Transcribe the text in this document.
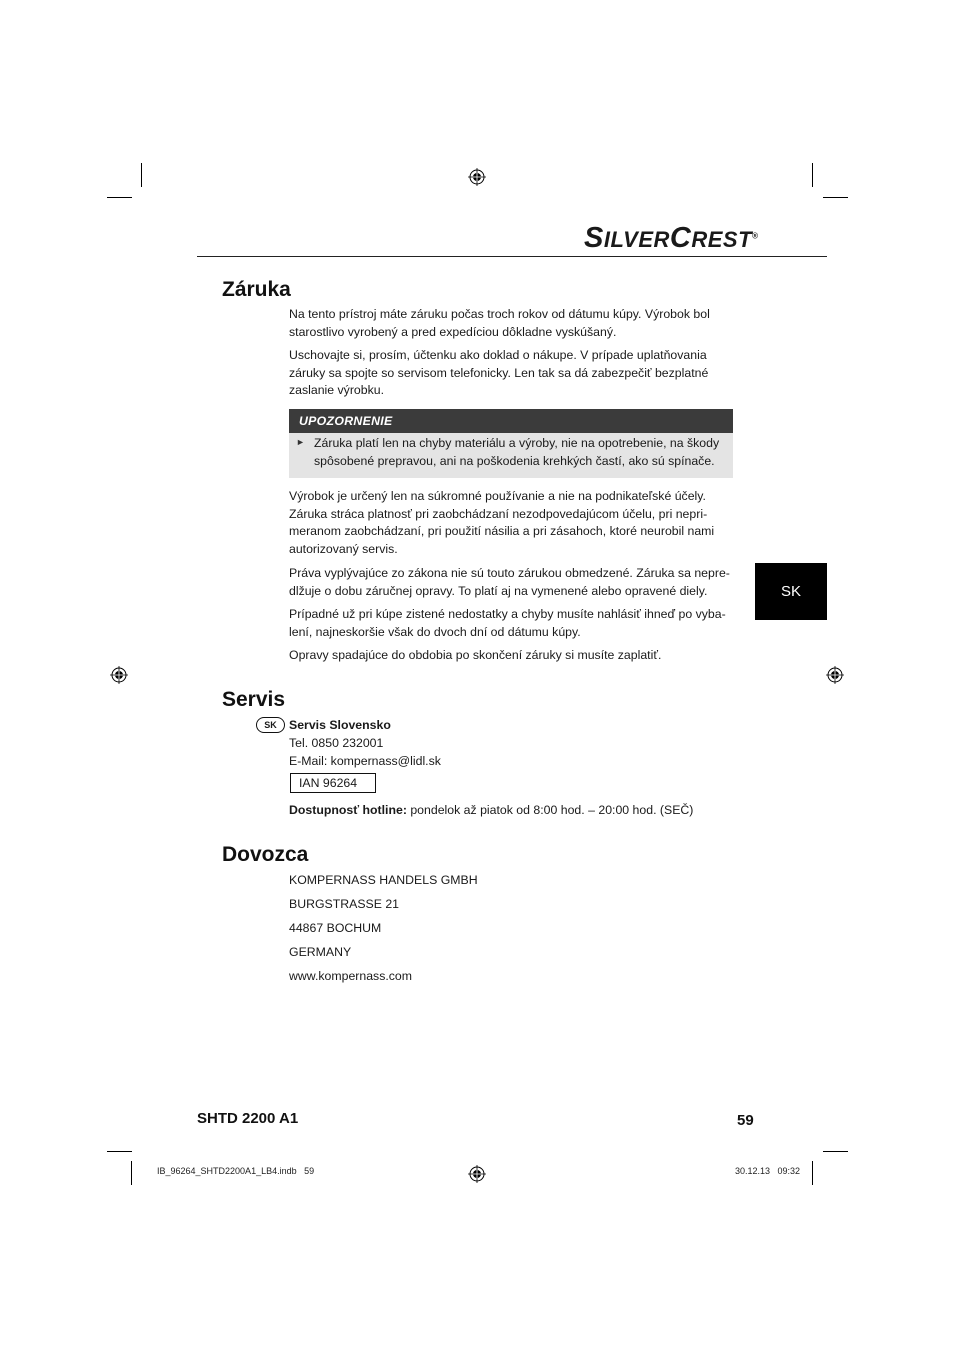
SILVERCREST®
Záruka

Na tento prístroj máte záruku počas troch rokov od dátumu kúpy. Výrobok bol starostlivo vyrobený a pred expedíciou dôkladne vyskúšaný.

Uschovajte si, prosím, účtenku ako doklad o nákupe. V prípade uplatňovania záruky sa spojte so servisom telefonicky. Len tak sa dá zabezpečiť bezplatné zaslanie výrobku.

UPOZORNENIE
► Záruka platí len na chyby materiálu a výroby, nie na opotrebenie, na škody spôsobené prepravou, ani na poškodenia krehkých častí, ako sú spínače.

Výrobok je určený len na súkromné používanie a nie na podnikateľské účely. Záruka stráca platnosť pri zaobchádzaní nezodpovedajúcom účelu, pri neprimeranom zaobchádzaní, pri použití násilia a pri zásahoch, ktoré neurobil nami autorizovaný servis.

Práva vyplývajúce zo zákona nie sú touto zárukou obmedzené. Záruka sa nepredlžuje o dobu záručnej opravy. To platí aj na vymenené alebo opravené diely.

Prípadné už pri kúpe zistené nedostatky a chyby musíte nahlásiť ihneď po vybalení, najneskoršie však do dvoch dní od dátumu kúpy.

Opravy spadajúce do obdobia po skončení záruky si musíte zaplatiť.

SK
Servis
SK Servis Slovensko

Tel. 0850 232001

E-Mail: kompernass@lidl.sk

IAN 96264

Dostupnosť hotline: pondelok až piatok od 8:00 hod. – 20:00 hod. (SEČ)

Dovozca

KOMPERNASS HANDELS GMBH

BURGSTRASSE 21

44867 BOCHUM

GERMANY

www.kompernass.com

SHTD 2200 A1	59
IB_96264_SHTD2200A1_LB4.indb   59	30.12.13   09:32
